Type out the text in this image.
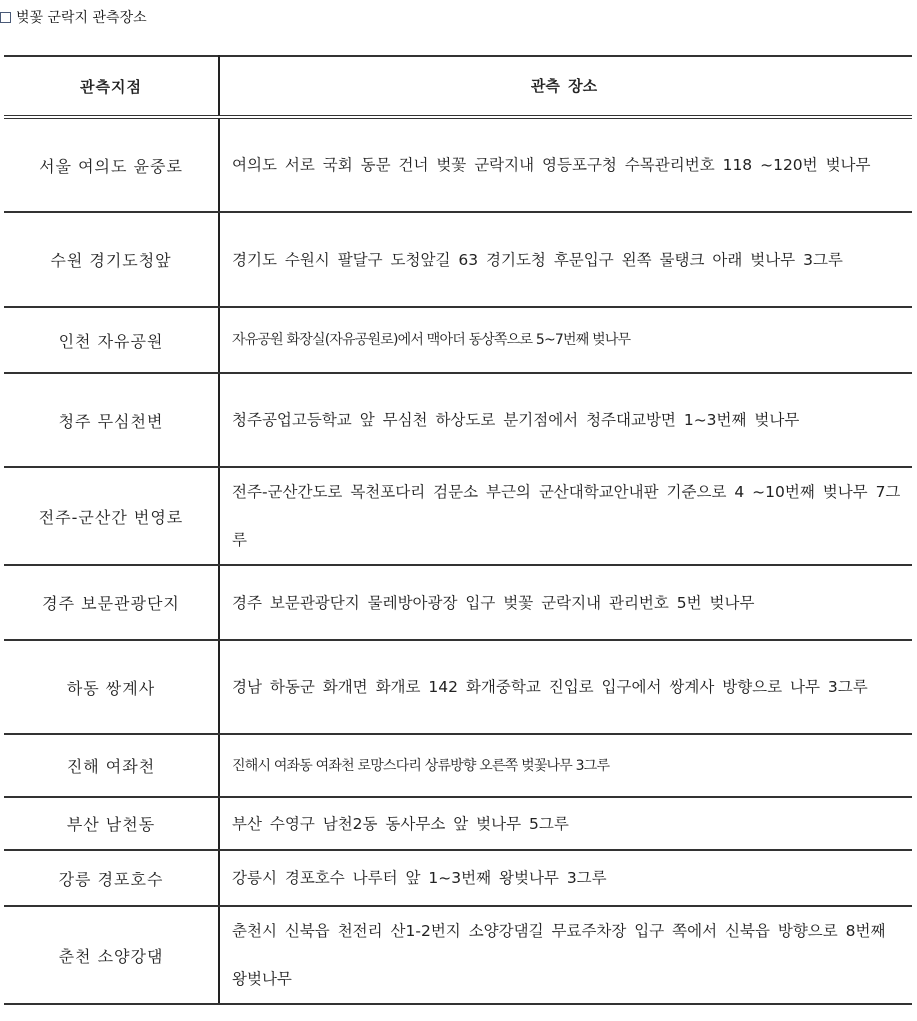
벚꽃 군락지 관측장소
관측지점	관측 장소
서울 여의도 윤중로	여의도 서로 국회 동문 건너 벚꽃 군락지내 영등포구청 수목관리번호 118 ~120번 벚나무
수원 경기도청앞	경기도 수원시 팔달구 도청앞길 63 경기도청 후문입구 왼쪽 물탱크 아래 벚나무 3그루
인천 자유공원	자유공원 화장실(자유공원로)에서 맥아더 동상쪽으로 5~7번째 벚나무
청주 무심천변	청주공업고등학교 앞 무심천 하상도로 분기점에서 청주대교방면 1~3번째 벚나무
전주-군산간 번영로	전주-군산간도로 목천포다리 검문소 부근의 군산대학교안내판 기준으로 4 ~10번째 벚나무 7그루
경주 보문관광단지	경주 보문관광단지 물레방아광장 입구 벚꽃 군락지내 관리번호 5번 벚나무
하동 쌍계사	경남 하동군 화개면 화개로 142 화개중학교 진입로 입구에서 쌍계사 방향으로 나무 3그루
진해 여좌천	진해시 여좌동 여좌천 로망스다리 상류방향 오른쪽 벚꽃나무 3그루
부산 남천동	부산 수영구 남천2동 동사무소 앞 벚나무 5그루
강릉 경포호수	강릉시 경포호수 나루터 앞 1~3번째 왕벚나무 3그루
춘천 소양강댐	춘천시 신북읍 천전리 산1-2번지 소양강댐길 무료주차장 입구 쪽에서 신북읍 방향으로 8번째 왕벚나무
